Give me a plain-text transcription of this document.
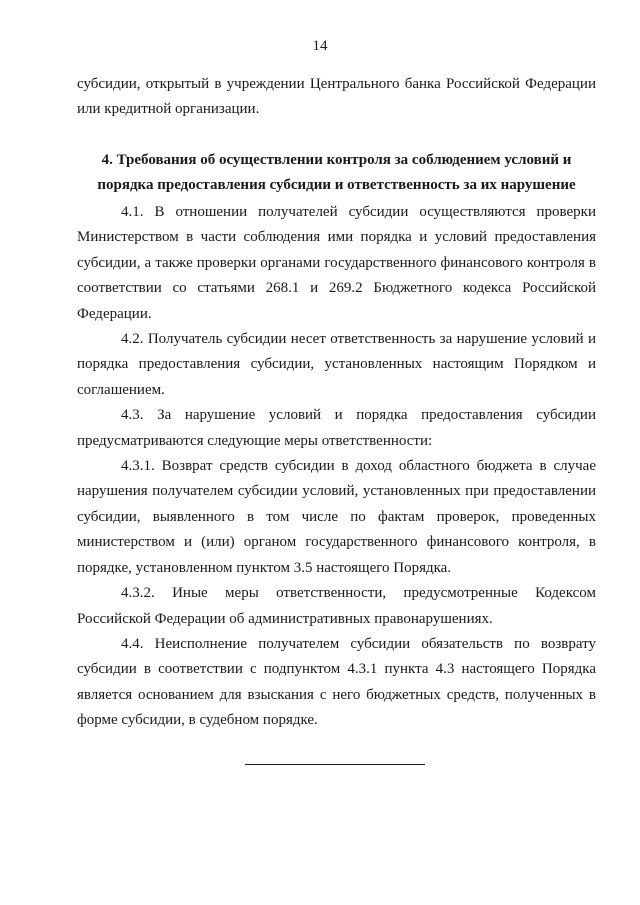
14

субсидии, открытый в учреждении Центрального банка Российской Федерации или кредитной организации.

4. Требования об осуществлении контроля за соблюдением условий и порядка предоставления субсидии и ответственность за их нарушение

4.1. В отношении получателей субсидии осуществляются проверки Министерством в части соблюдения ими порядка и условий предоставления субсидии, а также проверки органами государственного финансового контроля в соответствии со статьями 268.1 и 269.2 Бюджетного кодекса Российской Федерации.

4.2. Получатель субсидии несет ответственность за нарушение условий и порядка предоставления субсидии, установленных настоящим Порядком и соглашением.

4.3. За нарушение условий и порядка предоставления субсидии предусматриваются следующие меры ответственности:

4.3.1. Возврат средств субсидии в доход областного бюджета в случае нарушения получателем субсидии условий, установленных при предоставлении субсидии, выявленного в том числе по фактам проверок, проведенных министерством и (или) органом государственного финансового контроля, в порядке, установленном пунктом 3.5 настоящего Порядка.

4.3.2. Иные меры ответственности, предусмотренные Кодексом Российской Федерации об административных правонарушениях.

4.4. Неисполнение получателем субсидии обязательств по возврату субсидии в соответствии с подпунктом 4.3.1 пункта 4.3 настоящего Порядка является основанием для взыскания с него бюджетных средств, полученных в форме субсидии, в судебном порядке.
